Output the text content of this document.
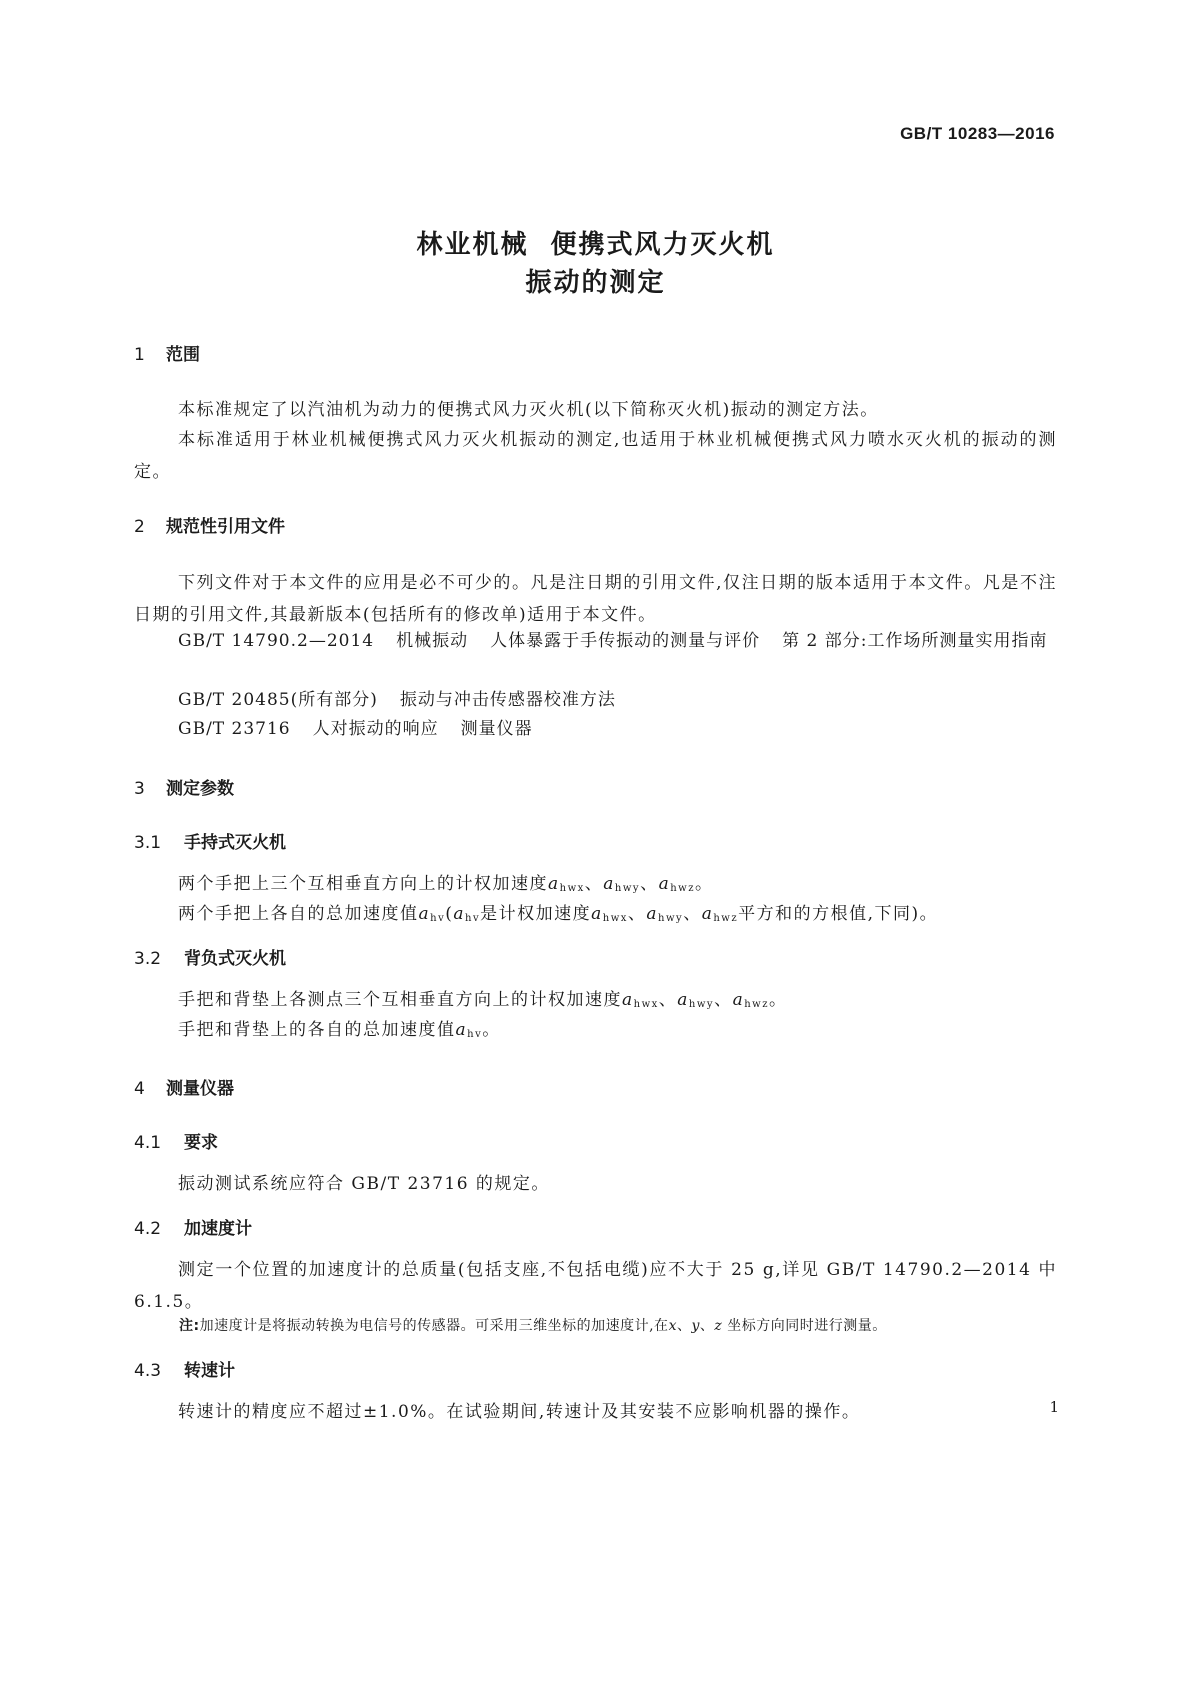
GB/T 10283—2016
林业机械 便携式风力灭火机
振动的测定
1 范围
本标准规定了以汽油机为动力的便携式风力灭火机(以下简称灭火机)振动的测定方法。
本标准适用于林业机械便携式风力灭火机振动的测定,也适用于林业机械便携式风力喷水灭火机的振动的测定。
2 规范性引用文件
下列文件对于本文件的应用是必不可少的。凡是注日期的引用文件,仅注日期的版本适用于本文件。凡是不注日期的引用文件,其最新版本(包括所有的修改单)适用于本文件。
GB/T 14790.2—2014 机械振动 人体暴露于手传振动的测量与评价 第 2 部分:工作场所测量实用指南
GB/T 20485(所有部分) 振动与冲击传感器校准方法
GB/T 23716 人对振动的响应 测量仪器
3 测定参数
3.1 手持式灭火机
两个手把上三个互相垂直方向上的计权加速度$a_{hwx}$、$a_{hwy}$、$a_{hwz}$。
两个手把上各自的总加速度值$a_{hv}(a_{hv}$是计权加速度$a_{hwx}$、$a_{hwy}$、$a_{hwz}$平方和的方根值,下同)。
3.2 背负式灭火机
手把和背垫上各测点三个互相垂直方向上的计权加速度$a_{hwx}$、$a_{hwy}$、$a_{hwz}$。
手把和背垫上的各自的总加速度值$a_{hv}$。
4 测量仪器
4.1 要求
振动测试系统应符合 GB/T 23716 的规定。
4.2 加速度计
测定一个位置的加速度计的总质量(包括支座,不包括电缆)应不大于 25 g,详见 GB/T 14790.2—2014 中 6.1.5。
注:加速度计是将振动转换为电信号的传感器。可采用三维坐标的加速度计,在x、y、z 坐标方向同时进行测量。
4.3 转速计
转速计的精度应不超过±1.0%。在试验期间,转速计及其安装不应影响机器的操作。	1
